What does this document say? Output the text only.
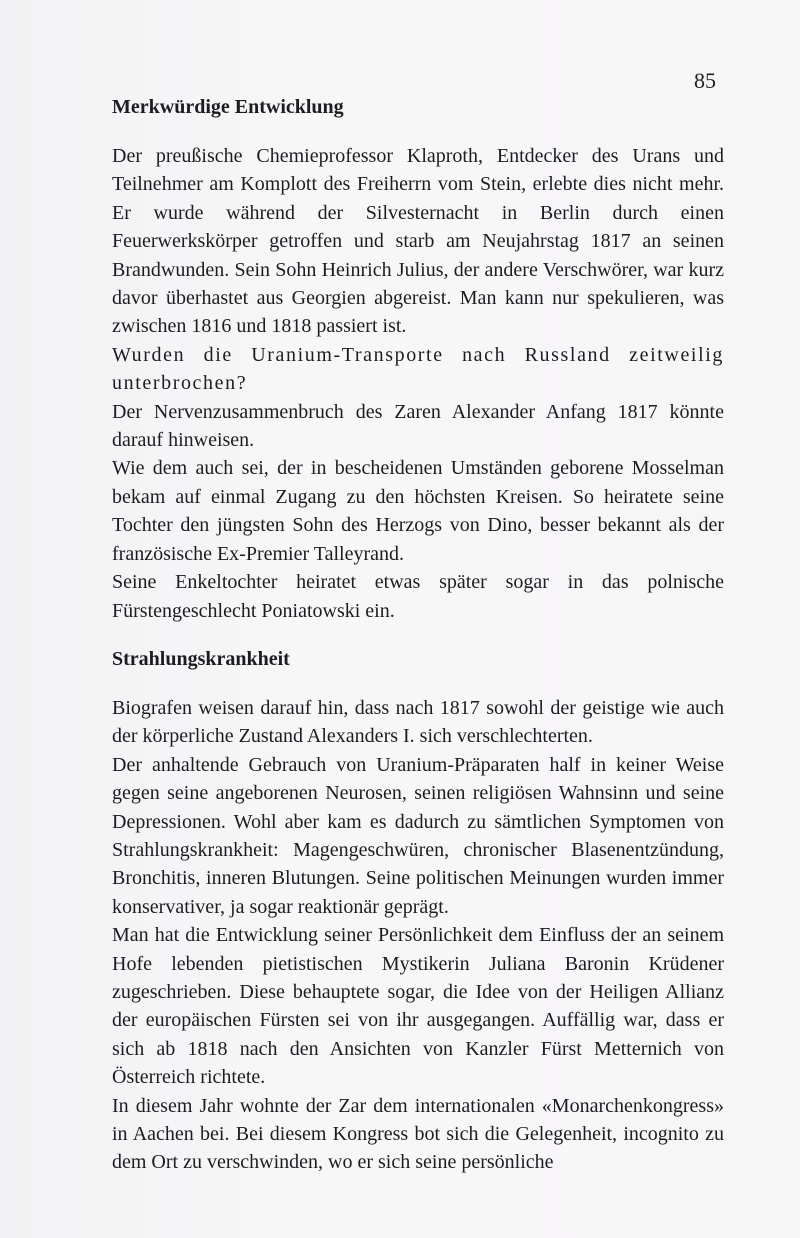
85
Merkwürdige Entwicklung

Der preußische Chemieprofessor Klaproth, Entdecker des Urans und Teilnehmer am Komplott des Freiherrn vom Stein, erlebte dies nicht mehr. Er wurde während der Silvesternacht in Berlin durch einen Feuerwerkskörper getroffen und starb am Neujahrstag 1817 an seinen Brandwunden. Sein Sohn Heinrich Julius, der andere Verschwörer, war kurz davor überhastet aus Georgien abgereist. Man kann nur spekulieren, was zwischen 1816 und 1818 passiert ist.

Wurden die Uranium-Transporte nach Russland zeitweilig unterbrochen?

Der Nervenzusammenbruch des Zaren Alexander Anfang 1817 könnte darauf hinweisen.

Wie dem auch sei, der in bescheidenen Umständen geborene Mosselman bekam auf einmal Zugang zu den höchsten Kreisen. So heiratete seine Tochter den jüngsten Sohn des Herzogs von Dino, besser bekannt als der französische Ex-Premier Talleyrand.

Seine Enkeltochter heiratet etwas später sogar in das polnische Fürstengeschlecht Poniatowski ein.

Strahlungskrankheit

Biografen weisen darauf hin, dass nach 1817 sowohl der geistige wie auch der körperliche Zustand Alexanders I. sich verschlechterten.

Der anhaltende Gebrauch von Uranium-Präparaten half in keiner Weise gegen seine angeborenen Neurosen, seinen religiösen Wahnsinn und seine Depressionen. Wohl aber kam es dadurch zu sämtlichen Symptomen von Strahlungskrankheit: Magengeschwüren, chronischer Blasenentzündung, Bronchitis, inneren Blutungen. Seine politischen Meinungen wurden immer konservativer, ja sogar reaktionär geprägt.

Man hat die Entwicklung seiner Persönlichkeit dem Einfluss der an seinem Hofe lebenden pietistischen Mystikerin Juliana Baronin Krüdener zugeschrieben. Diese behauptete sogar, die Idee von der Heiligen Allianz der europäischen Fürsten sei von ihr ausgegangen. Auffällig war, dass er sich ab 1818 nach den Ansichten von Kanzler Fürst Metternich von Österreich richtete.

In diesem Jahr wohnte der Zar dem internationalen «Monarchenkongress» in Aachen bei. Bei diesem Kongress bot sich die Gelegenheit, incognito zu dem Ort zu verschwinden, wo er sich seine persönliche
